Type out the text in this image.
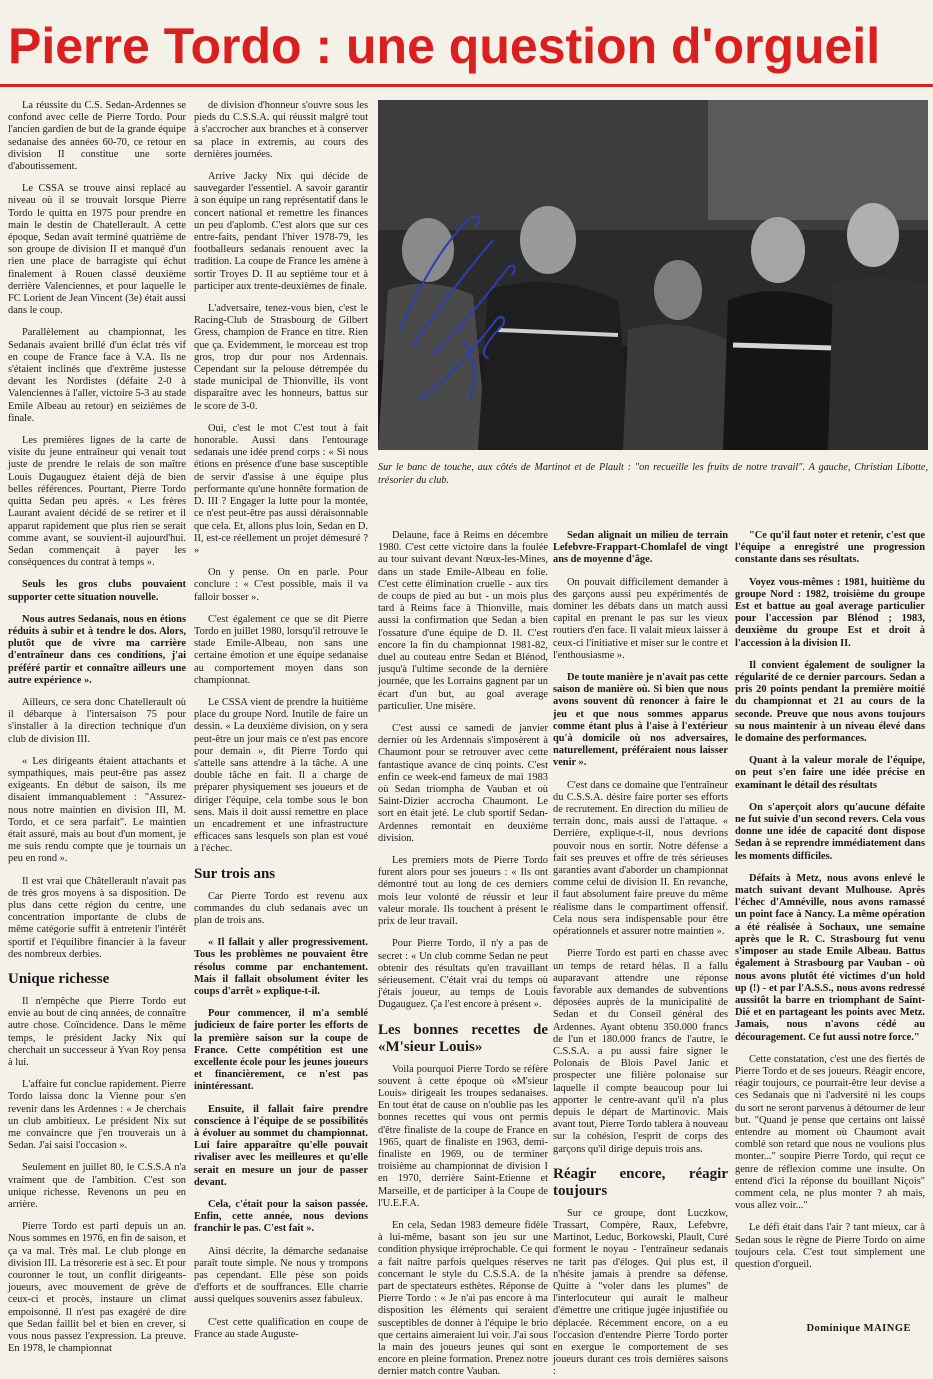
Pierre Tordo : une question d'orgueil

La réussite du C.S. Sedan-Ardennes se confond avec celle de Pierre Tordo. Pour l'ancien gardien de but de la grande équipe sedanaise des années 60-70, ce retour en division II constitue une sorte d'aboutissement.

Le CSSA se trouve ainsi replacé au niveau où il se trouvait lorsque Pierre Tordo le quitta en 1975 pour prendre en main le destin de Chatellerault. A cette époque, Sedan avait terminé quatrième de son groupe de division II et manqué d'un rien une place de barragiste qui échut finalement à Rouen classé deuxième derrière Valenciennes, et pour laquelle le FC Lorient de Jean Vincent (3e) était aussi dans le coup.

Parallèlement au championnat, les Sedanais avaient brillé d'un éclat très vif en coupe de France face à V.A. Ils ne s'étaient inclinés que d'extrême justesse devant les Nordistes (défaite 2-0 à Valenciennes à l'aller, victoire 5-3 au stade Emile Albeau au retour) en seizièmes de finale.

Les premières lignes de la carte de visite du jeune entraîneur qui venait tout juste de prendre le relais de son maître Louis Dugauguez étaient déjà de bien belles références. Pourtant, Pierre Tordo quitta Sedan peu après. « Les frères Laurant avaient décidé de se retirer et il apparut rapidement que plus rien se serait comme avant, se souvient-il aujourd'hui. Sedan commençait à payer les conséquences du contrat à temps ».

Seuls les gros clubs pouvaient supporter cette situation nouvelle.

Nous autres Sedanais, nous en étions réduits à subir et à tendre le dos. Alors, plutôt que de vivre ma carrière d'entraîneur dans ces conditions, j'ai préféré partir et connaître ailleurs une autre expérience ».

Ailleurs, ce sera donc Chatellerault où il débarque à l'intersaison 75 pour s'installer à la direction technique d'un club de division III.

« Les dirigeants étaient attachants et sympathiques, mais peut-être pas assez exigeants. En début de saison, ils me disaient immanquablement : "Assurez-nous notre maintien en division III, M. Tordo, et ce sera parfait". Le maintien était assuré, mais au bout d'un moment, je me suis rendu compte que je tournais un peu en rond ».

Il est vrai que Châtellerault n'avait pas de très gros moyens à sa disposition. De plus dans cette région du centre, une concentration importante de clubs de même catégorie suffit à entretenir l'intérêt sportif et l'équilibre financier à la faveur des nombreux derbies.

Unique richesse

Il n'empêche que Pierre Tordo eut envie au bout de cinq années, de connaître autre chose. Coïncidence. Dans le même temps, le président Jacky Nix qui cherchait un successeur à Yvan Roy pensa à lui.

L'affaire fut conclue rapidement. Pierre Tordo laissa donc la Vienne pour s'en revenir dans les Ardennes : « Je cherchais un club ambitieux. Le président Nix sut me convaincre que j'en trouverais un à Sedan. J'ai saisi l'occasion ».

Seulement en juillet 80, le C.S.S.A n'a vraiment que de l'ambition. C'est son unique richesse. Revenons un peu en arrière.

Pierre Tordo est parti depuis un an. Nous sommes en 1976, en fin de saison, et ça va mal. Très mal. Le club plonge en division III. La trésorerie est à sec. Et pour couronner le tout, un conflit dirigeants-joueurs, avec mouvement de grève de ceux-ci et procès, instaure un climat empoisonné. Il n'est pas exagéré de dire que Sedan faillit bel et bien en crever, si vous nous passez l'expression. La preuve. En 1978, le championnat

de division d'honneur s'ouvre sous les pieds du C.S.S.A. qui réussit malgré tout à s'accrocher aux branches et à conserver sa place in extremis, au cours des dernières journées.

Arrive Jacky Nix qui décide de sauvegarder l'essentiel. A savoir garantir à son équipe un rang représentatif dans le concert national et remettre les finances un peu d'aplomb. C'est alors que sur ces entre-faits, pendant l'hiver 1978-79, les footballeurs sedanais renouent avec la tradition. La coupe de France les amène à sortir Troyes D. II au septième tour et à participer aux trente-deuxièmes de finale.

L'adversaire, tenez-vous bien, c'est le Racing-Club de Strasbourg de Gilbert Gress, champion de France en titre. Rien que ça. Evidemment, le morceau est trop gros, trop dur pour nos Ardennais. Cependant sur la pelouse détrempée du stade municipal de Thionville, ils vont disparaître avec les honneurs, battus sur le score de 3-0.

Oui, c'est le mot C'est tout à fait honorable. Aussi dans l'entourage sedanais une idée prend corps : « Si nous étions en présence d'une base susceptible de servir d'assise à une équipe plus performante qu'une honnête formation de D. III ? Engager la lutte pour la montée, ce n'est peut-être pas aussi déraisonnable que cela. Et, allons plus loin, Sedan en D. II, est-ce réellement un projet démesuré ? »

On y pense. On en parle. Pour conclure : « C'est possible, mais il va falloir bosser ».

C'est également ce que se dit Pierre Tordo en juillet 1980, lorsqu'il retrouve le stade Emile-Albeau, non sans une certaine émotion et une équipe sedanaise au comportement moyen dans son championnat.

Le CSSA vient de prendre la huitième place du groupe Nord. Inutile de faire un dessin. « La deuxième division, on y sera peut-être un jour mais ce n'est pas encore pour demain », dit Pierre Tordo qui s'attelle sans attendre à la tâche. A une double tâche en fait. Il a charge de préparer physiquement ses joueurs et de diriger l'équipe, cela tombe sous le bon sens. Mais il doit aussi remettre en place un encadrement et une infrastructure efficaces sans lesquels son plan est voué à l'échec.

Sur trois ans

Car Pierre Tordo est revenu aux commandes du club sedanais avec un plan de trois ans.

« Il fallait y aller progressivement. Tous les problèmes ne pouvaient être résolus comme par enchantement. Mais il fallait obsolument éviter les coups d'arrêt » explique-t-il.

Pour commencer, il m'a semblé judicieux de faire porter les efforts de la première saison sur la coupe de France. Cette compétition est une excellente école pour les jeunes joueurs et financièrement, ce n'est pas inintéressant.

Ensuite, il fallait faire prendre conscience à l'équipe de se possibilités à évoluer au sommet du championnat. Lui faire apparaître qu'elle pouvait rivaliser avec les meilleures et qu'elle serait en mesure un jour de passer devant.

Cela, c'était pour la saison passée. Enfin, cette année, nous devions franchir le pas. C'est fait ».

Ainsi décrite, la démarche sedanaise paraît toute simple. Ne nous y trompons pas cependant. Elle pèse son poids d'efforts et de souffrances. Elle charrie aussi quelques souvenirs assez fabuleux.

C'est cette qualification en coupe de France au stade Auguste-

Sur le banc de touche, aux côtés de Martinot et de Plault : "on recueille les fruits de notre travail". A gauche, Christian Libotte, trésorier du club.

Delaune, face à Reims en décembre 1980. C'est cette victoire dans la foulée au tour suivant devant Nœux-les-Mines, dans un stade Emile-Albeau en folie. C'est cette élimination cruelle - aux tirs de coups de pied au but - un mois plus tard à Reims face à Thionville, mais aussi la confirmation que Sedan a bien l'ossature d'une équipe de D. II. C'est encore la fin du championnat 1981-82, duel au couteau entre Sedan et Blénod, jusqu'à l'ultime seconde de la dernière journée, que les Lorrains gagnent par un écart d'un but, au goal average particulier. Une misère.

C'est aussi ce samedi de janvier dernier où les Ardennais s'imposèrent à Chaumont pour se retrouver avec cette fantastique avance de cinq points. C'est enfin ce week-end fameux de mai 1983 où Sedan triompha de Vauban et où Saint-Dizier accrocha Chaumont. Le sort en était jeté. Le club sportif Sedan-Ardennes remontait en deuxième division.

Les premiers mots de Pierre Tordo furent alors pour ses joueurs : « Ils ont démontré tout au long de ces derniers mois leur volonté de réussir et leur valeur morale. Ils touchent à présent le prix de leur travail.

Pour Pierre Tordo, il n'y a pas de secret : « Un club comme Sedan ne peut obtenir des résultats qu'en travaillant sérieusement. C'était vrai du temps où j'étais joueur, au temps de Louis Dugauguez. Ça l'est encore à présent ».

Les bonnes recettes de «M'sieur Louis»

Voila pourquoi Pierre Tordo se réfère souvent à cette époque où «M'sieur Louis» dirigeait les troupes sedanaises. En tout état de cause on n'oublie pas les bonnes recettes qui vous ont permis d'être finaliste de la coupe de France en 1965, quart de finaliste en 1963, demi-finaliste en 1969, ou de terminer troisième au championnat de division I en 1970, derrière Saint-Etienne et Marseille, et de participer à la Coupe de l'U.E.F.A.

En cela, Sedan 1983 demeure fidèle à lui-même, basant son jeu sur une condition physique irréprochable. Ce qui a fait naître parfois quelques réserves concernant le style du C.S.S.A. de la part de spectateurs esthètes. Réponse de Pierre Tordo : « Je n'ai pas encore à ma disposition les éléments qui seraient susceptibles de donner à l'équipe le brio que certains aimeraient lui voir. J'ai sous la main des joueurs jeunes qui sont encore en pleine formation. Prenez notre dernier match contre Vauban.

Sedan alignait un milieu de terrain Lefebvre-Frappart-Chomlafel de vingt ans de moyenne d'âge.

On pouvait difficilement demander à des garçons aussi peu expérimentés de dominer les débats dans un match aussi capital en prenant le pas sur les vieux routiers d'en face. Il valait mieux laisser à ceux-ci l'initiative et miser sur le contre et l'enthousiasme ».

De toute manière je n'avait pas cette saison de manière où. Si bien que nous avons souvent dû renoncer à faire le jeu et que nous sommes apparus comme étant plus à l'aise à l'extérieur qu'à domicile où nos adversaires, naturellement, préféraient nous laisser venir ».

C'est dans ce domaine que l'entraîneur du C.S.S.A. désire faire porter ses efforts de recrutement. En direction du milieu de terrain donc, mais aussi de l'attaque. « Derrière, explique-t-il, nous devrions pouvoir nous en sortir. Notre défense a fait ses preuves et offre de très sérieuses garanties avant d'aborder un championnat comme celui de division II. En revanche, il faut absolument faire preuve du même réalisme dans le compartiment offensif. Cela nous sera indispensable pour être opérationnels et assurer notre maintien ».

Pierre Tordo est parti en chasse avec un temps de retard hélas. Il a fallu auparavant attendre une réponse favorable aux demandes de subventions déposées auprès de la municipalité de Sedan et du Conseil général des Ardennes. Ayant obtenu 350.000 francs de l'un et 180.000 francs de l'autre, le C.S.S.A. a pu aussi faire signer le Polonais de Blois Pavel Janic et prospecter une filière polonaise sur laquelle il compte beaucoup pour lui apporter le centre-avant qu'il n'a plus depuis le départ de Martinovic. Mais avant tout, Pierre Tordo tablera à nouveau sur la cohésion, l'esprit de corps des garçons qu'il dirige depuis trois ans.

Réagir encore, réagir toujours

Sur ce groupe, dont Luczkow, Trassart, Compère, Raux, Lefebvre, Martinot, Leduc, Borkowski, Plault, Curé forment le noyau - l'entraîneur sedanais ne tarit pas d'éloges. Qui plus est, il n'hésite jamais à prendre sa défense. Quitte à "voler dans les plumes" de l'interlocuteur qui aurait le malheur d'émettre une critique jugée injustifiée ou déplacée. Récemment encore, on a eu l'occasion d'entendre Pierre Tordo porter en exergue le comportement de ses joueurs durant ces trois dernières saisons :

"Ce qu'il faut noter et retenir, c'est que l'équipe a enregistré une progression constante dans ses résultats.

Voyez vous-mêmes : 1981, huitième du groupe Nord : 1982, troisième du groupe Est et battue au goal average particulier pour l'accession par Blénod ; 1983, deuxième du groupe Est et droit à l'accession à la division II.

Il convient également de souligner la régularité de ce dernier parcours. Sedan a pris 20 points pendant la première moitié du championnat et 21 au cours de la seconde. Preuve que nous avons toujours su nous maintenir à un niveau élevé dans le domaine des performances.

Quant à la valeur morale de l'équipe, on peut s'en faire une idée précise en examinant le détail des résultats

On s'aperçoit alors qu'aucune défaite ne fut suivie d'un second revers. Cela vous donne une idée de capacité dont dispose Sedan à se reprendre immédiatement dans les moments difficiles.

Défaits à Metz, nous avons enlevé le match suivant devant Mulhouse. Après l'échec d'Amnéville, nous avons ramassé un point face à Nancy. La même opération a été réalisée à Sochaux, une semaine après que le R. C. Strasbourg fut venu s'imposer au stade Emile Albeau. Battus également à Strasbourg par Vauban - où nous avons plutôt été victimes d'un hold up (!) - et par l'A.S.S., nous avons redressé aussitôt la barre en triomphant de Saint-Dié et en partageant les points avec Metz. Jamais, nous n'avons cédé au découragement. Ce fut aussi notre force."

Cette constatation, c'est une des fiertés de Pierre Tordo et de ses joueurs. Réagir encore, réagir toujours, ce pourrait-être leur devise a ces Sedanais que ni l'adversité ni les coups du sort ne seront parvenus à détourner de leur but. "Quand je pense que certains ont laissé entendre au moment où Chaumont avait comblé son retard que nous ne voulions plus monter..." soupire Pierre Tordo, qui reçut ce genre de réflexion comme une insulte. On entend d'ici la réponse du bouillant Niçois" comment cela, ne plus monter ? ah mais, vous allez voir..."

Le défi était dans l'air ? tant mieux, car à Sedan sous le règne de Pierre Tordo on aime toujours cela. C'est tout simplement une question d'orgueil.

Dominique MAINGE
